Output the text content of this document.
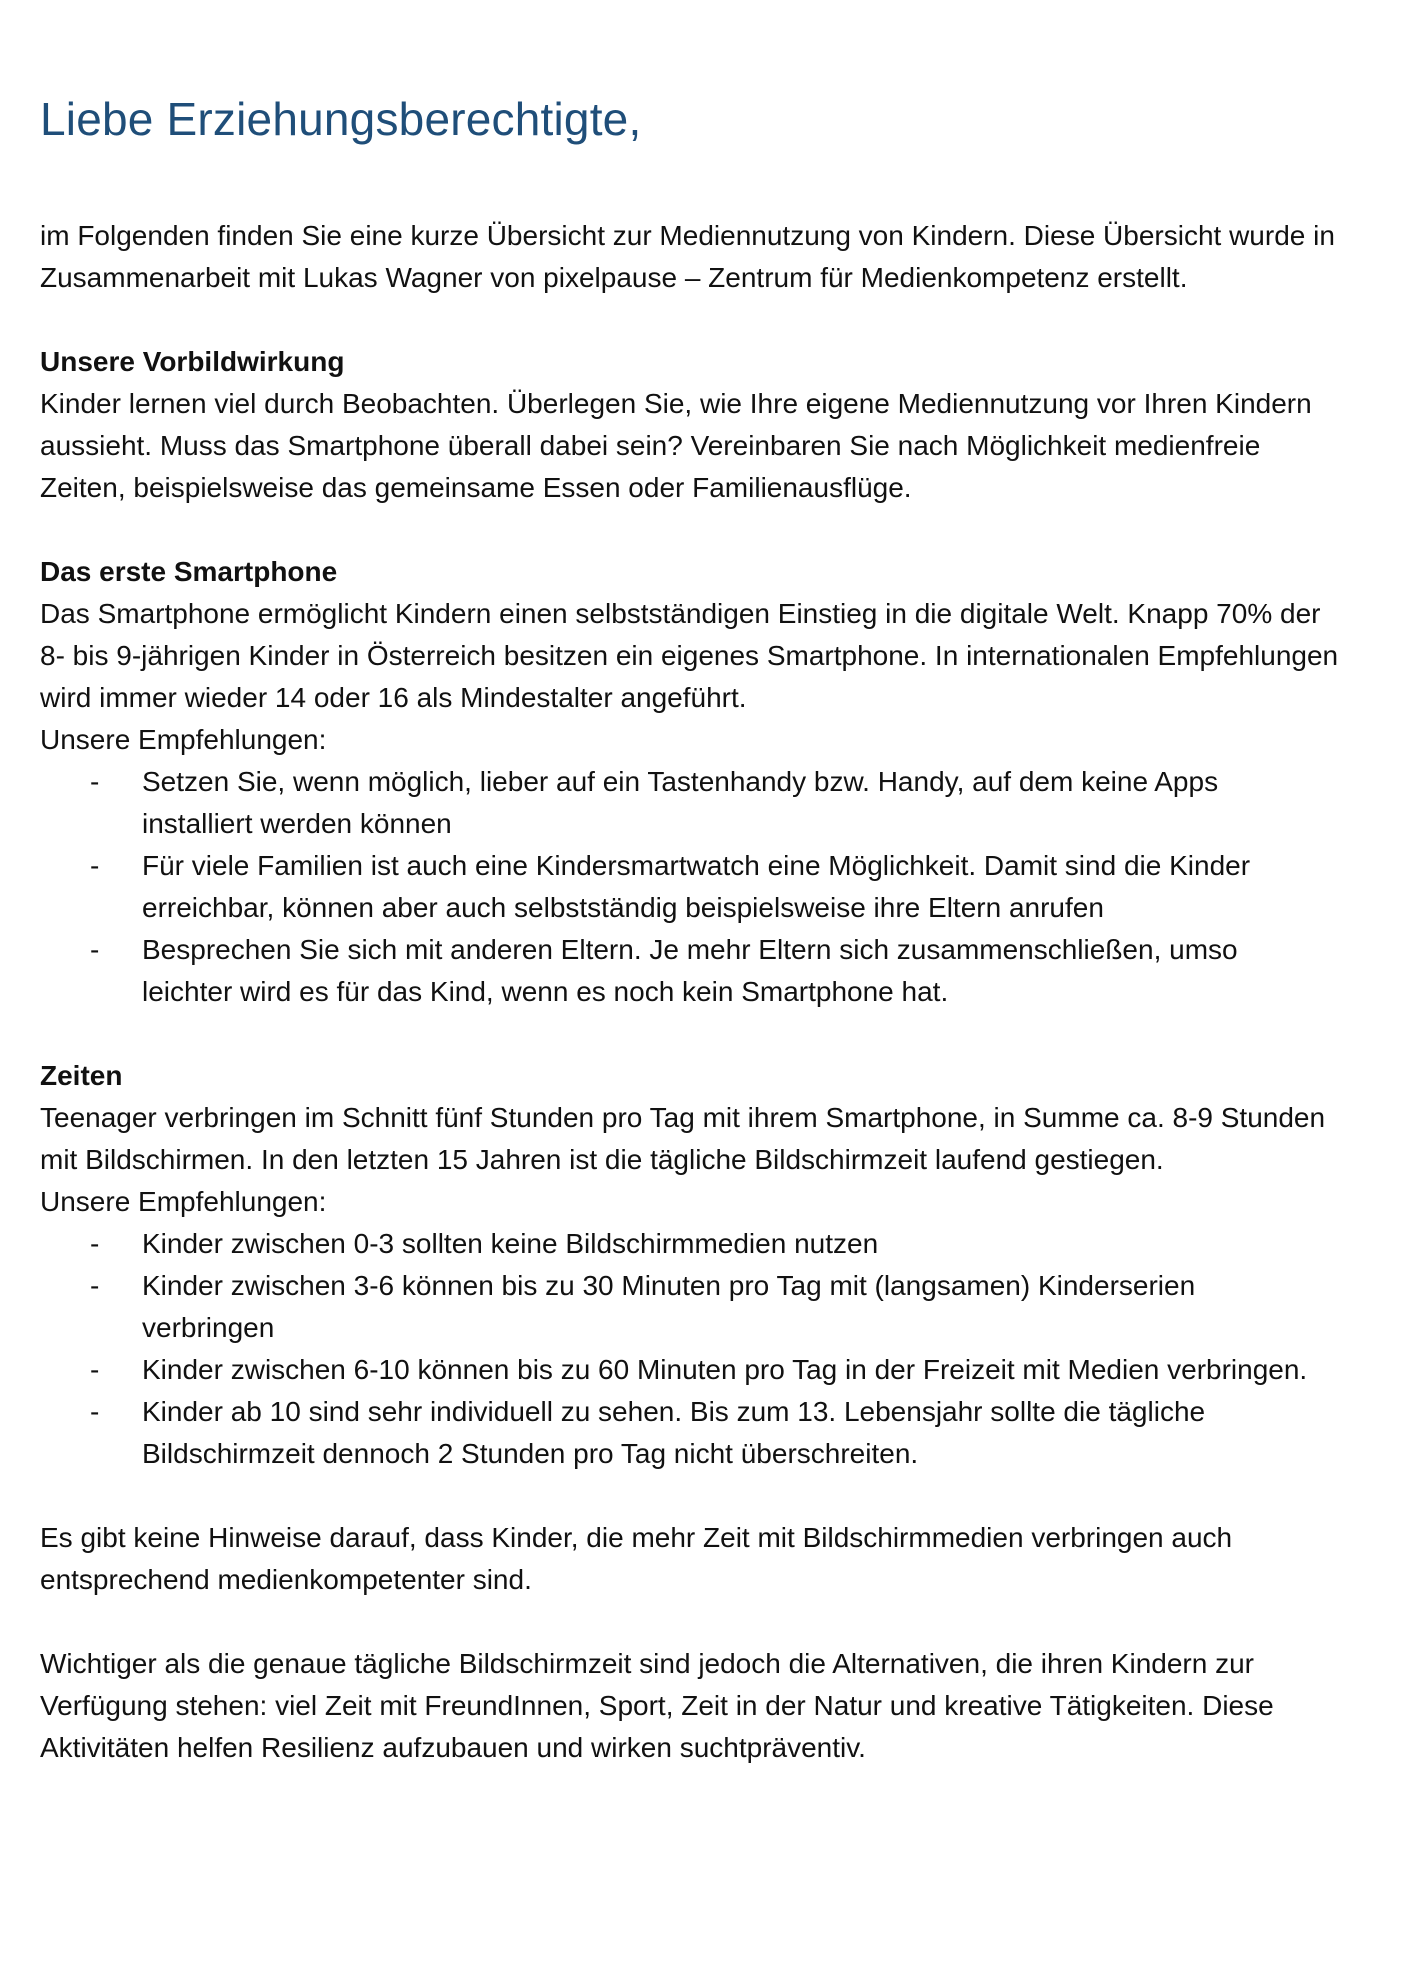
Liebe Erziehungsberechtigte,

im Folgenden finden Sie eine kurze Übersicht zur Mediennutzung von Kindern. Diese Übersicht wurde in Zusammenarbeit mit Lukas Wagner von pixelpause – Zentrum für Medienkompetenz erstellt.

Unsere Vorbildwirkung

Kinder lernen viel durch Beobachten. Überlegen Sie, wie Ihre eigene Mediennutzung vor Ihren Kindern aussieht. Muss das Smartphone überall dabei sein? Vereinbaren Sie nach Möglichkeit medienfreie Zeiten, beispielsweise das gemeinsame Essen oder Familienausflüge.

Das erste Smartphone

Das Smartphone ermöglicht Kindern einen selbstständigen Einstieg in die digitale Welt. Knapp 70% der 8- bis 9-jährigen Kinder in Österreich besitzen ein eigenes Smartphone. In internationalen Empfehlungen wird immer wieder 14 oder 16 als Mindestalter angeführt.

Unsere Empfehlungen:

- Setzen Sie, wenn möglich, lieber auf ein Tastenhandy bzw. Handy, auf dem keine Apps installiert werden können
- Für viele Familien ist auch eine Kindersmartwatch eine Möglichkeit. Damit sind die Kinder erreichbar, können aber auch selbstständig beispielsweise ihre Eltern anrufen
- Besprechen Sie sich mit anderen Eltern. Je mehr Eltern sich zusammenschließen, umso leichter wird es für das Kind, wenn es noch kein Smartphone hat.

Zeiten

Teenager verbringen im Schnitt fünf Stunden pro Tag mit ihrem Smartphone, in Summe ca. 8-9 Stunden mit Bildschirmen. In den letzten 15 Jahren ist die tägliche Bildschirmzeit laufend gestiegen.

Unsere Empfehlungen:

- Kinder zwischen 0-3 sollten keine Bildschirmmedien nutzen
- Kinder zwischen 3-6 können bis zu 30 Minuten pro Tag mit (langsamen) Kinderserien verbringen
- Kinder zwischen 6-10 können bis zu 60 Minuten pro Tag in der Freizeit mit Medien verbringen.
- Kinder ab 10 sind sehr individuell zu sehen. Bis zum 13. Lebensjahr sollte die tägliche Bildschirmzeit dennoch 2 Stunden pro Tag nicht überschreiten.

Es gibt keine Hinweise darauf, dass Kinder, die mehr Zeit mit Bildschirmmedien verbringen auch entsprechend medienkompetenter sind.

Wichtiger als die genaue tägliche Bildschirmzeit sind jedoch die Alternativen, die ihren Kindern zur Verfügung stehen: viel Zeit mit FreundInnen, Sport, Zeit in der Natur und kreative Tätigkeiten. Diese Aktivitäten helfen Resilienz aufzubauen und wirken suchtpräventiv.
